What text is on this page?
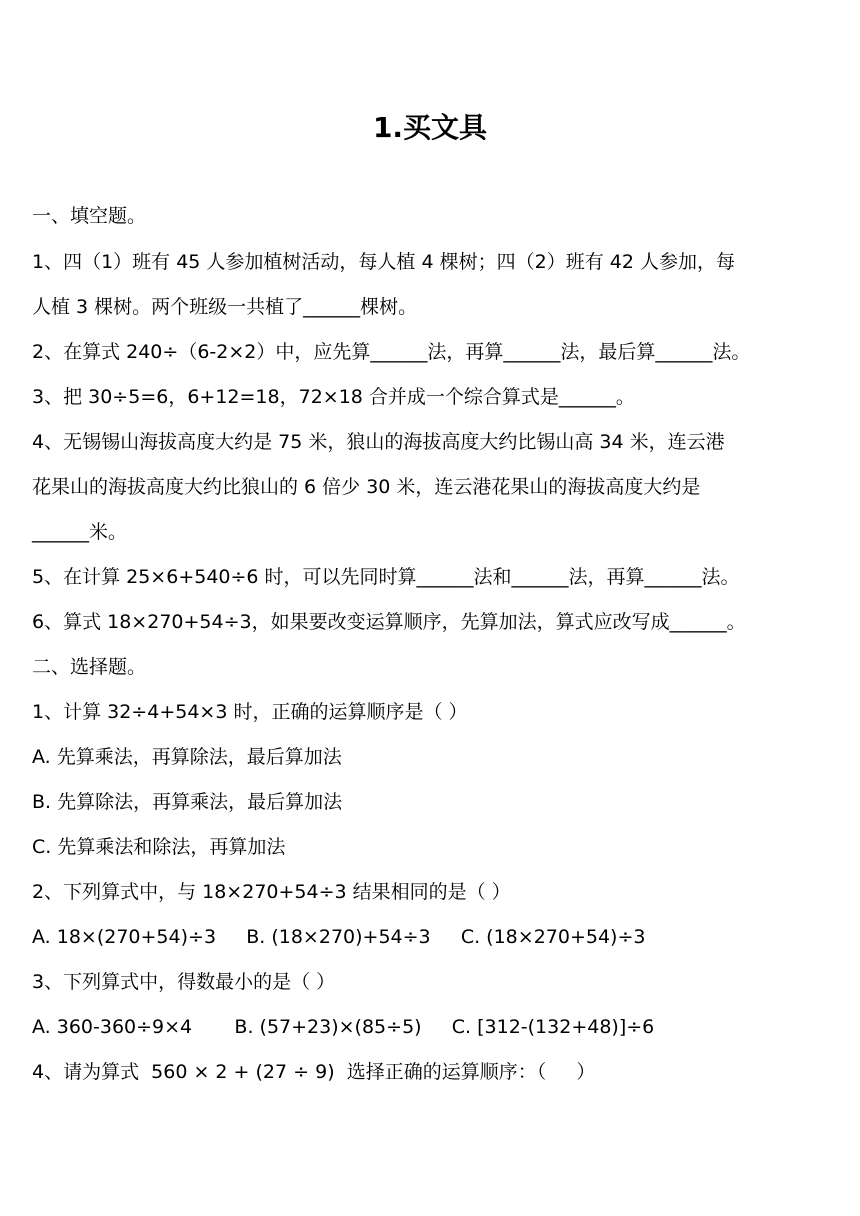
1.买文具
一、填空题。
1、四（1）班有 45 人参加植树活动，每人植 4 棵树；四（2）班有 42 人参加，每
人植 3 棵树。两个班级一共植了______棵树。
2、在算式 240÷（6-2×2）中，应先算______法，再算______法，最后算______法。
3、把 30÷5=6，6+12=18，72×18 合并成一个综合算式是______。
4、无锡锡山海拔高度大约是 75 米，狼山的海拔高度大约比锡山高 34 米，连云港
花果山的海拔高度大约比狼山的 6 倍少 30 米，连云港花果山的海拔高度大约是
______米。
5、在计算 25×6+540÷6 时，可以先同时算______法和______法，再算______法。
6、算式 18×270+54÷3，如果要改变运算顺序，先算加法，算式应改写成______。
二、选择题。
1、计算 32÷4+54×3 时，正确的运算顺序是（ ）
A. 先算乘法，再算除法，最后算加法
B. 先算除法，再算乘法，最后算加法
C. 先算乘法和除法，再算加法
2、下列算式中，与 18×270+54÷3 结果相同的是（ ）
A. 18×(270+54)÷3     B. (18×270)+54÷3     C. (18×270+54)÷3
3、下列算式中，得数最小的是（ ）
A. 360-360÷9×4       B. (57+23)×(85÷5)     C. [312-(132+48)]÷6
4、请为算式  560 × 2 + (27 ÷ 9)  选择正确的运算顺序：（     ）
